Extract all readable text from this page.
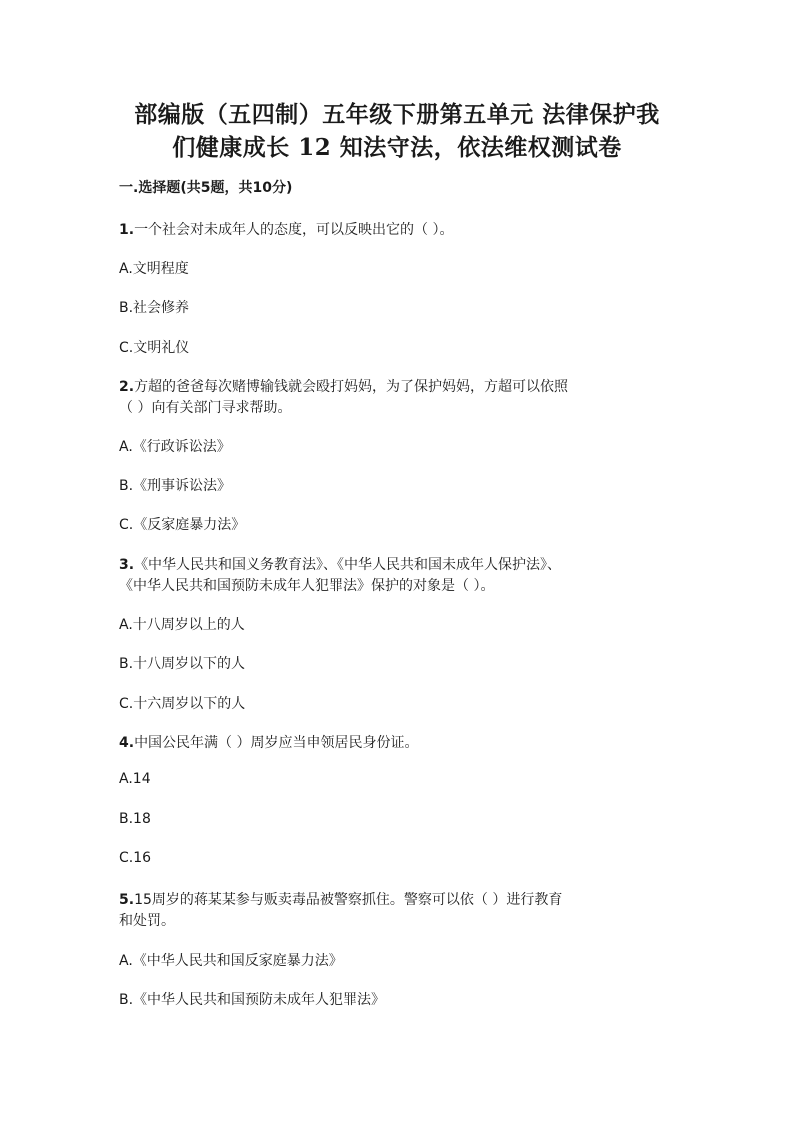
部编版（五四制）五年级下册第五单元 法律保护我
们健康成长 12 知法守法，依法维权测试卷
一.选择题(共5题，共10分)
1.一个社会对未成年人的态度，可以反映出它的（ ）。
A.文明程度
B.社会修养
C.文明礼仪
2.方超的爸爸每次赌博输钱就会殴打妈妈，为了保护妈妈，方超可以依照
（ ）向有关部门寻求帮助。
A.《行政诉讼法》
B.《刑事诉讼法》
C.《反家庭暴力法》
3.《中华人民共和国义务教育法》、《中华人民共和国未成年人保护法》、
《中华人民共和国预防未成年人犯罪法》保护的对象是（ ）。
A.十八周岁以上的人
B.十八周岁以下的人
C.十六周岁以下的人
4.中国公民年满（ ）周岁应当申领居民身份证。
A.14
B.18
C.16
5.15周岁的蒋某某参与贩卖毒品被警察抓住。警察可以依（ ）进行教育
和处罚。
A.《中华人民共和国反家庭暴力法》
B.《中华人民共和国预防未成年人犯罪法》
